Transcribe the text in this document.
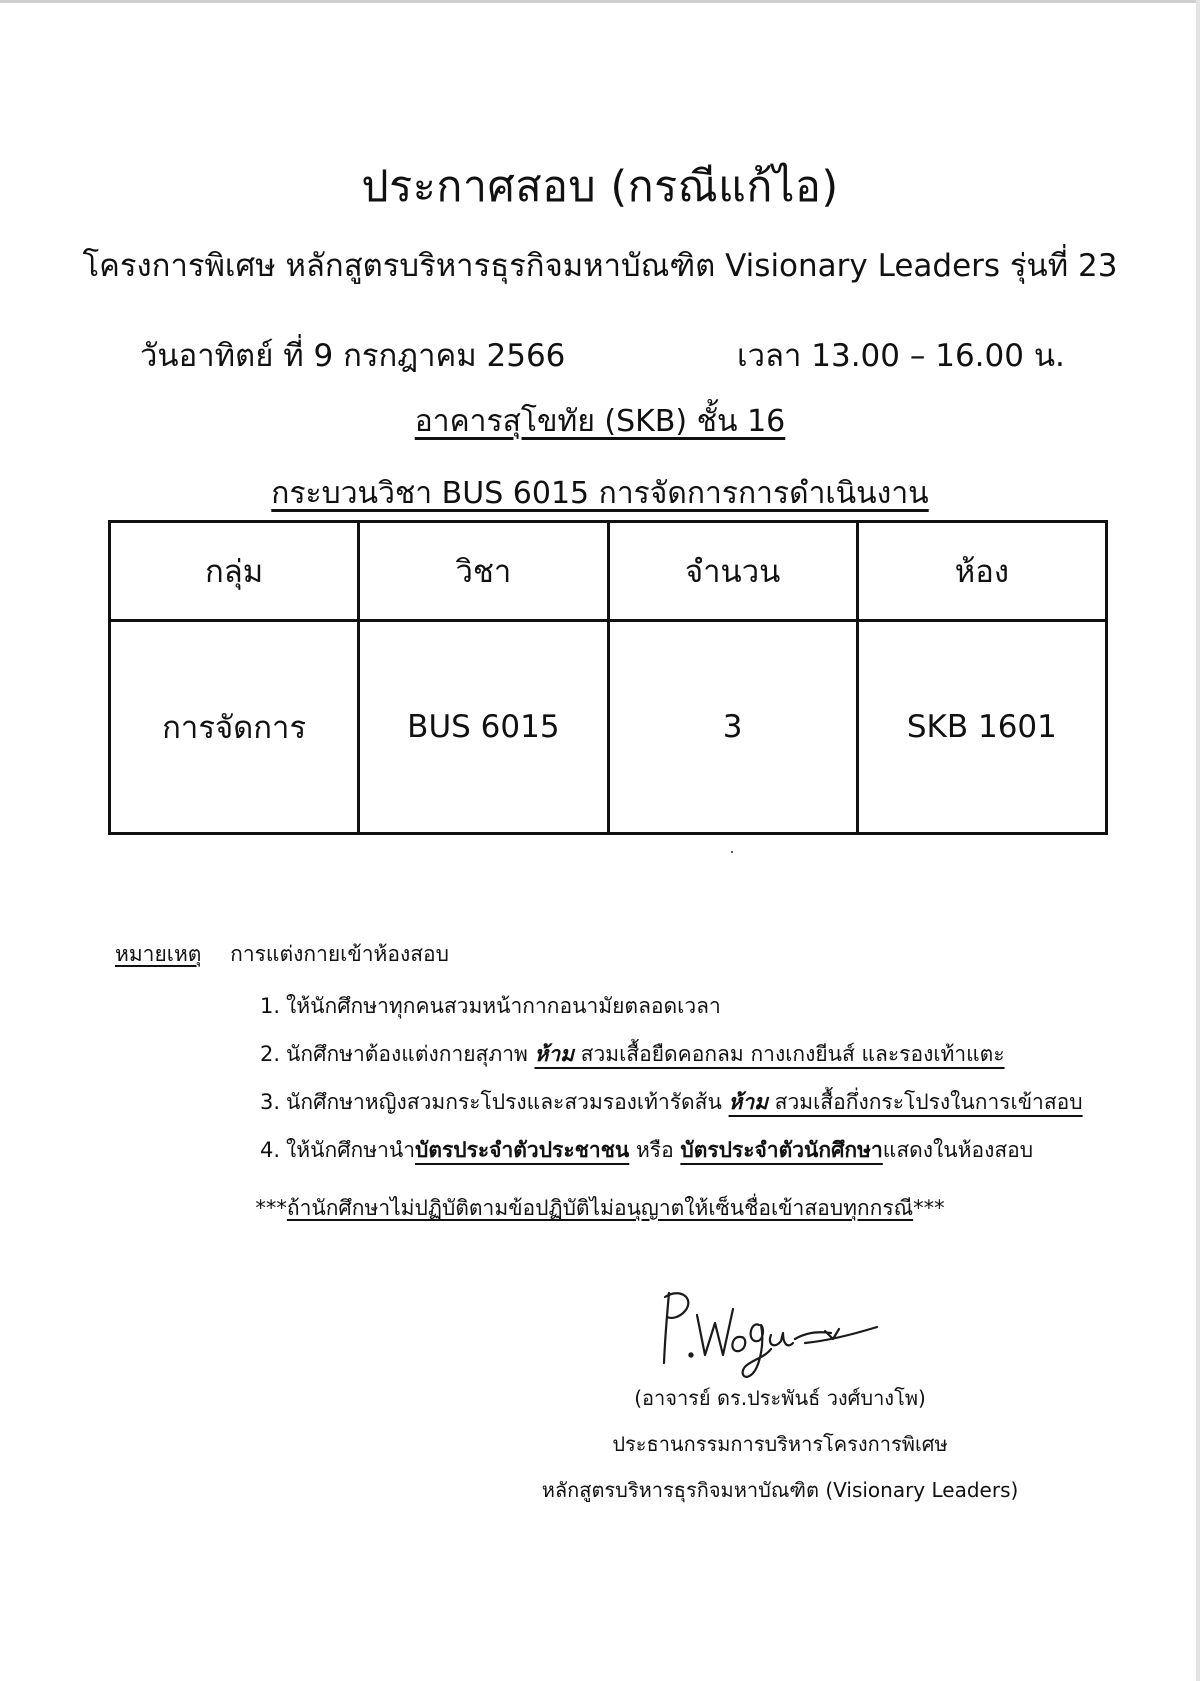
ประกาศสอบ (กรณีแก้ไอ)
โครงการพิเศษ หลักสูตรบริหารธุรกิจมหาบัณฑิต Visionary Leaders รุ่นที่ 23
วันอาทิตย์ ที่ 9 กรกฎาคม 2566	เวลา 13.00 – 16.00 น.
อาคารสุโขทัย (SKB) ชั้น 16
กระบวนวิชา BUS 6015 การจัดการการดำเนินงาน
กลุ่ม	วิชา	จำนวน	ห้อง
การจัดการ	BUS 6015	3	SKB 1601
หมายเหตุ การแต่งกายเข้าห้องสอบ
1. ให้นักศึกษาทุกคนสวมหน้ากากอนามัยตลอดเวลา
2. นักศึกษาต้องแต่งกายสุภาพ ห้าม สวมเสื้อยืดคอกลม กางเกงยีนส์ และรองเท้าแตะ
3. นักศึกษาหญิงสวมกระโปรงและสวมรองเท้ารัดส้น ห้าม สวมเสื้อกึ่งกระโปรงในการเข้าสอบ
4. ให้นักศึกษานำบัตรประจำตัวประชาชน หรือ บัตรประจำตัวนักศึกษาแสดงในห้องสอบ
***ถ้านักศึกษาไม่ปฏิบัติตามข้อปฏิบัติไม่อนุญาตให้เซ็นชื่อเข้าสอบทุกกรณี***
(อาจารย์ ดร.ประพันธ์ วงศ์บางโพ)
ประธานกรรมการบริหารโครงการพิเศษ
หลักสูตรบริหารธุรกิจมหาบัณฑิต (Visionary Leaders)
